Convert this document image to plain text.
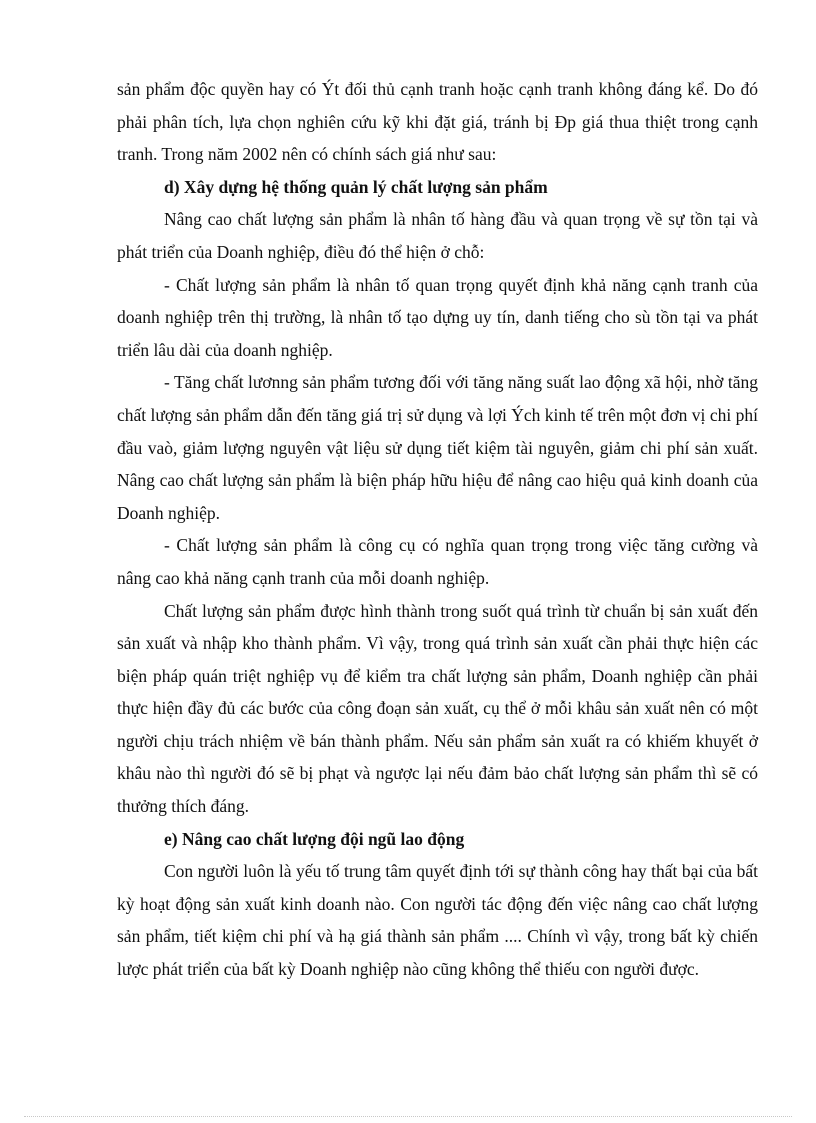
sản phẩm độc quyền hay có Ýt đối thủ cạnh tranh hoặc cạnh tranh không đáng kể. Do đó phải phân tích, lựa chọn nghiên cứu kỹ khi đặt giá, tránh bị Ðp giá thua thiệt trong cạnh tranh. Trong năm 2002 nên có chính sách giá như sau:

d) Xây dựng hệ thống quản lý chất lượng sản phẩm

Nâng cao chất lượng sản phẩm là nhân tố hàng đầu và quan trọng về sự tồn tại và phát triển của Doanh nghiệp, điều đó thể hiện ở chỗ:

- Chất lượng sản phẩm là nhân tố quan trọng quyết định khả năng cạnh tranh của doanh nghiệp trên thị trường, là nhân tố tạo dựng uy tín, danh tiếng cho sù tồn tại va phát triển lâu dài của doanh nghiệp.

- Tăng chất lươnng sản phẩm tương đối với tăng năng suất lao động xã hội, nhờ tăng chất lượng sản phẩm dẫn đến tăng giá trị sử dụng và lợi Ých kinh tế trên một đơn vị chi phí đầu vaò, giảm lượng nguyên vật liệu sử dụng tiết kiệm tài nguyên, giảm chi phí sản xuất. Nâng cao chất lượng sản phẩm là biện pháp hữu hiệu để nâng cao hiệu quả kinh doanh của Doanh nghiệp.

- Chất lượng sản phẩm là công cụ có nghĩa quan trọng trong việc tăng cường và nâng cao khả năng cạnh tranh của mỗi doanh nghiệp.

Chất lượng sản phẩm được hình thành trong suốt quá trình từ chuẩn bị sản xuất đến sản xuất và nhập kho thành phẩm. Vì vậy, trong quá trình sản xuất cần phải thực hiện các biện pháp quán triệt nghiệp vụ để kiểm tra chất lượng sản phẩm, Doanh nghiệp cần phải thực hiện đầy đủ các bước của công đoạn sản xuất, cụ thể ở mỗi khâu sản xuất nên có một người chịu trách nhiệm về bán thành phẩm. Nếu sản phẩm sản xuất ra có khiếm khuyết ở khâu nào thì người đó sẽ bị phạt và ngược lại nếu đảm bảo chất lượng sản phẩm thì sẽ có thưởng thích đáng.

e) Nâng cao chất lượng đội ngũ lao động

Con người luôn là yếu tố trung tâm quyết định tới sự thành công hay thất bại của bất kỳ hoạt động sản xuất kinh doanh nào. Con người tác động đến việc nâng cao chất lượng sản phẩm, tiết kiệm chi phí và hạ giá thành sản phẩm .... Chính vì vậy, trong bất kỳ chiến lược phát triển của bất kỳ Doanh nghiệp nào cũng không thể thiếu con người được.
